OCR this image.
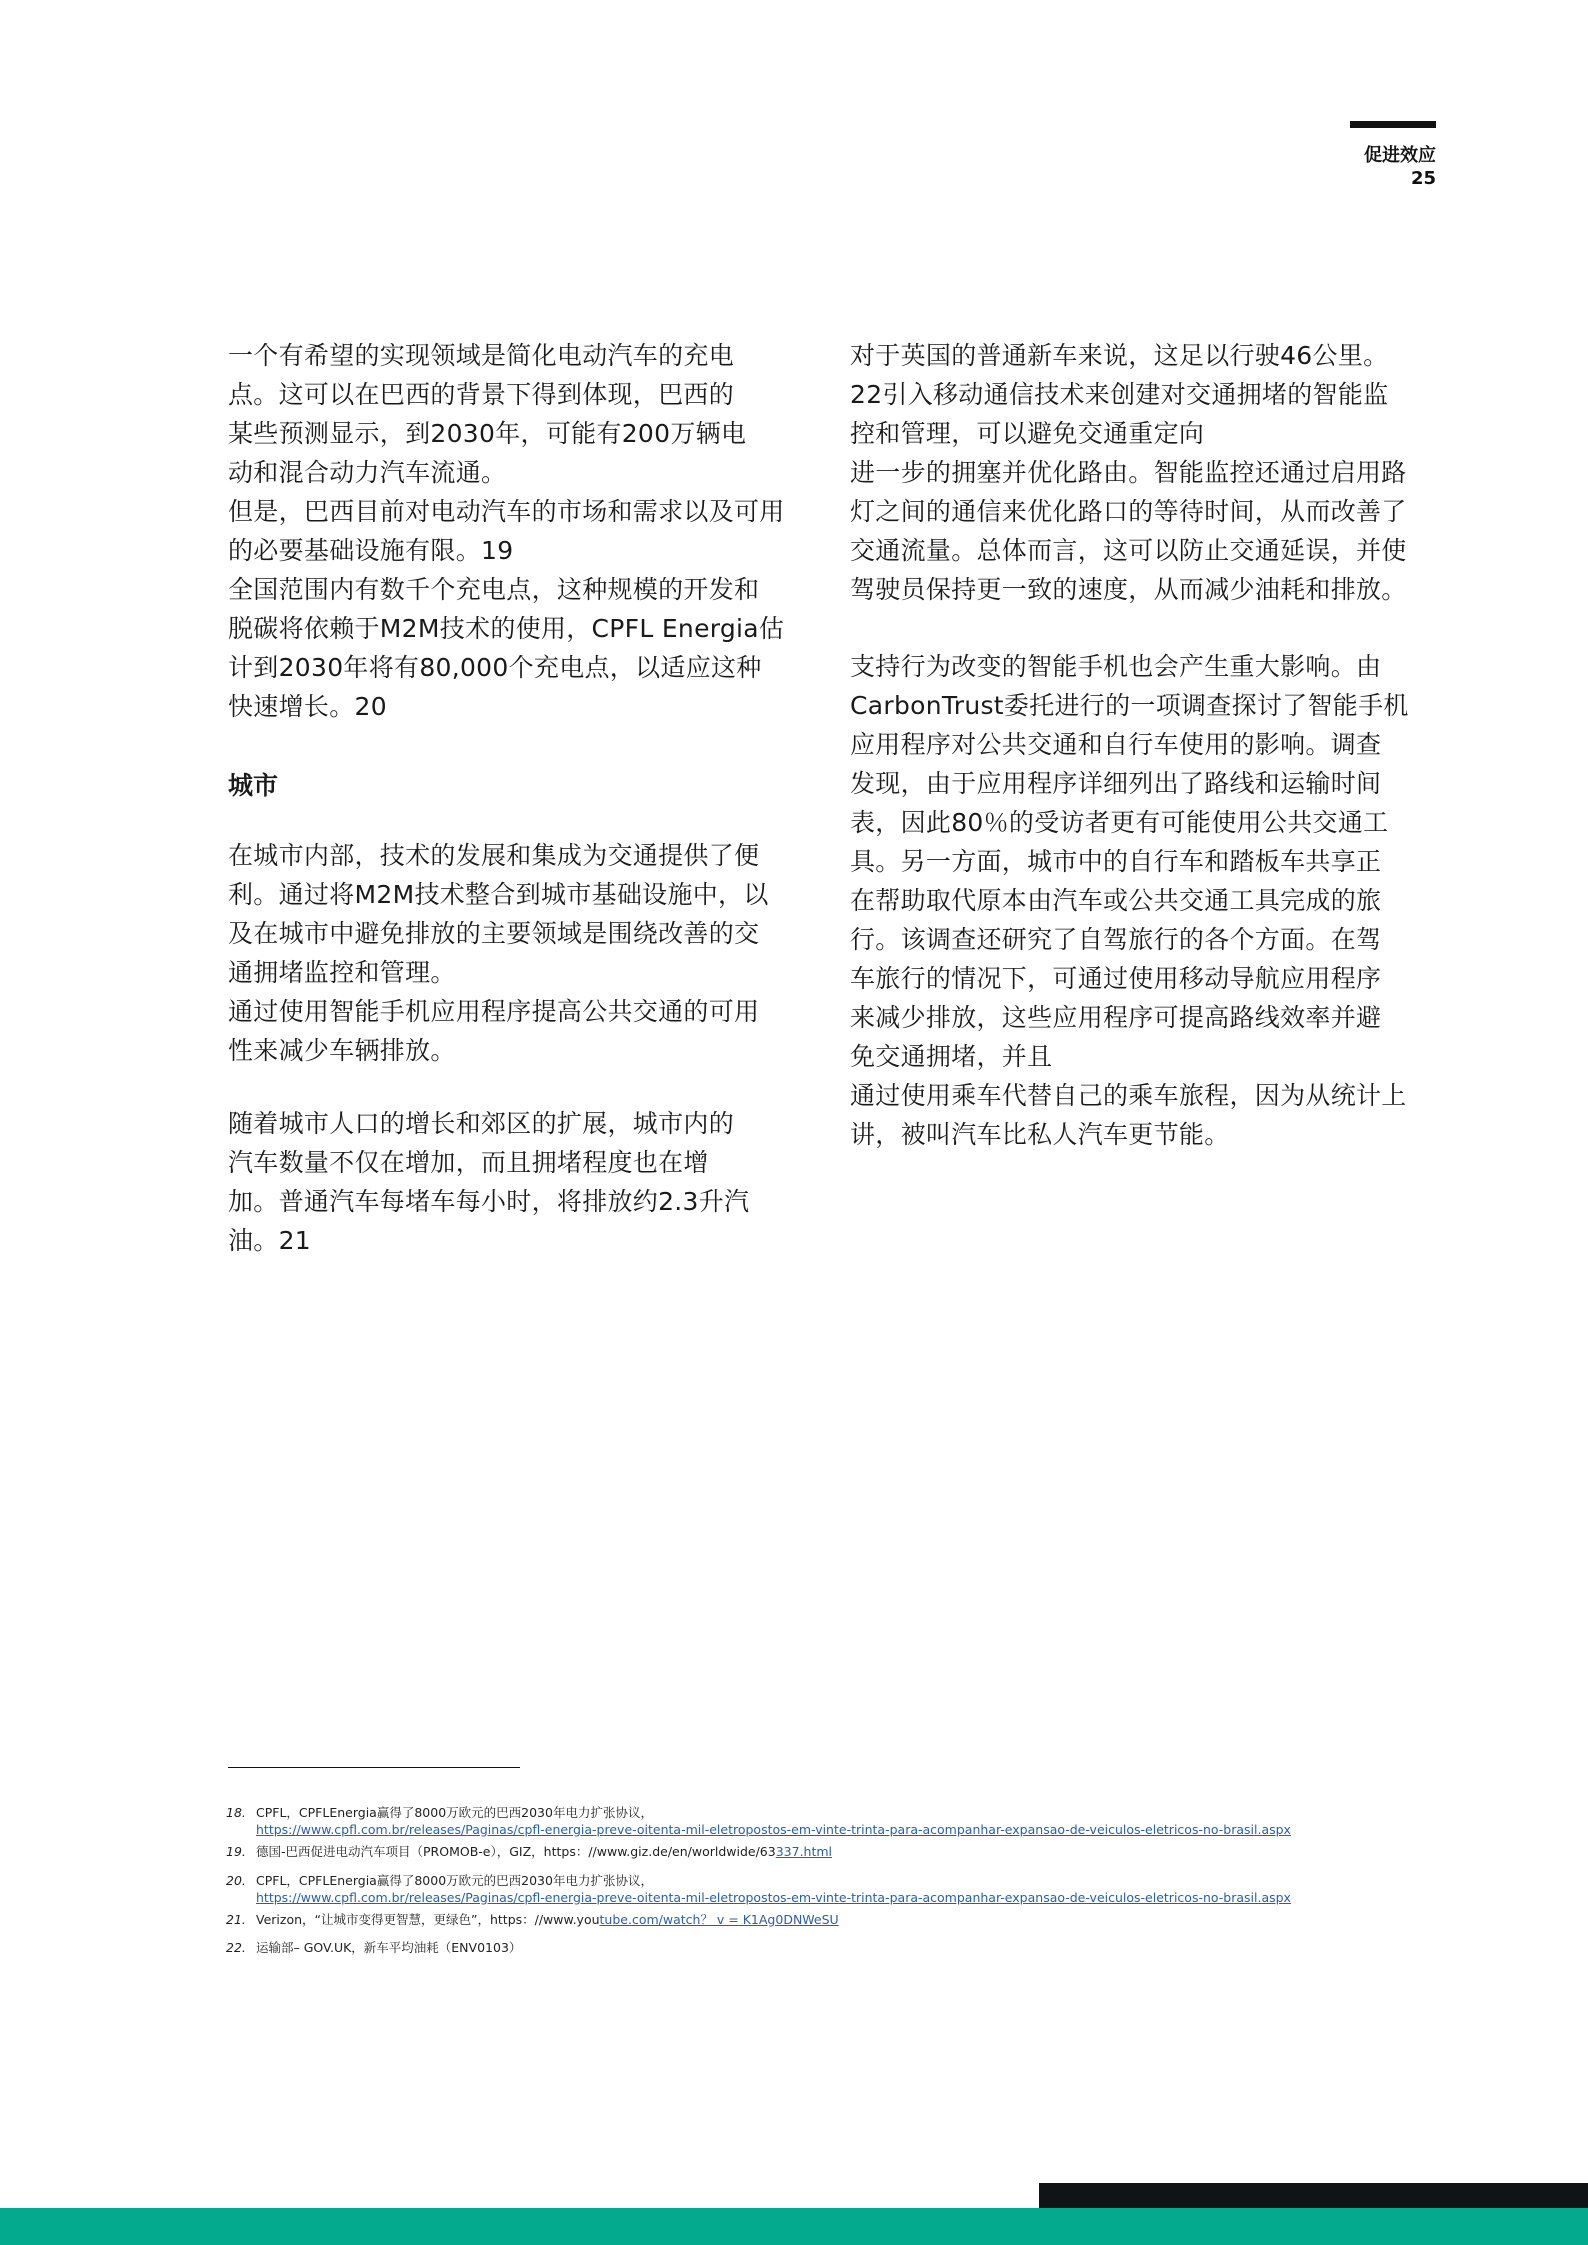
促进效应
25
一个有希望的实现领域是简化电动汽车的充电
点。这可以在巴西的背景下得到体现，巴西的
某些预测显示，到2030年，可能有200万辆电
动和混合动力汽车流通。
但是，巴西目前对电动汽车的市场和需求以及可用
的必要基础设施有限。19
全国范围内有数千个充电点，这种规模的开发和
脱碳将依赖于M2M技术的使用，CPFL Energia估
计到2030年将有80,000个充电点，以适应这种
快速增长。20
城市
在城市内部，技术的发展和集成为交通提供了便
利。通过将M2M技术整合到城市基础设施中，以
及在城市中避免排放的主要领域是围绕改善的交
通拥堵监控和管理。
通过使用智能手机应用程序提高公共交通的可用
性来减少车辆排放。
随着城市人口的增长和郊区的扩展，城市内的
汽车数量不仅在增加，而且拥堵程度也在增
加。普通汽车每堵车每小时，将排放约2.3升汽
油。21
对于英国的普通新车来说，这足以行驶46公里。
22引入移动通信技术来创建对交通拥堵的智能监
控和管理，可以避免交通重定向
进一步的拥塞并优化路由。智能监控还通过启用路
灯之间的通信来优化路口的等待时间，从而改善了
交通流量。总体而言，这可以防止交通延误，并使
驾驶员保持更一致的速度，从而减少油耗和排放。
支持行为改变的智能手机也会产生重大影响。由
CarbonTrust委托进行的一项调查探讨了智能手机
应用程序对公共交通和自行车使用的影响。调查
发现，由于应用程序详细列出了路线和运输时间
表，因此80％的受访者更有可能使用公共交通工
具。另一方面，城市中的自行车和踏板车共享正
在帮助取代原本由汽车或公共交通工具完成的旅
行。该调查还研究了自驾旅行的各个方面。在驾
车旅行的情况下，可通过使用移动导航应用程序
来减少排放，这些应用程序可提高路线效率并避
免交通拥堵，并且
通过使用乘车代替自己的乘车旅程，因为从统计上
讲，被叫汽车比私人汽车更节能。
18. CPFL，CPFLEnergia赢得了8000万欧元的巴西2030年电力扩张协议，
https://www.cpfl.com.br/releases/Paginas/cpfl-energia-preve-oitenta-mil-eletropostos-em-vinte-trinta-para-acompanhar-expansao-de-veiculos-eletricos-no-brasil.aspx
19. 德国-巴西促进电动汽车项目（PROMOB-e），GIZ，https：//www.giz.de/en/worldwide/63337.html
20. CPFL，CPFLEnergia赢得了8000万欧元的巴西2030年电力扩张协议，
https://www.cpfl.com.br/releases/Paginas/cpfl-energia-preve-oitenta-mil-eletropostos-em-vinte-trinta-para-acompanhar-expansao-de-veiculos-eletricos-no-brasil.aspx
21. Verizon，“让城市变得更智慧，更绿色”，https：//www.youtube.com/watch？ v = K1Ag0DNWeSU
22. 运输部– GOV.UK，新车平均油耗（ENV0103）
